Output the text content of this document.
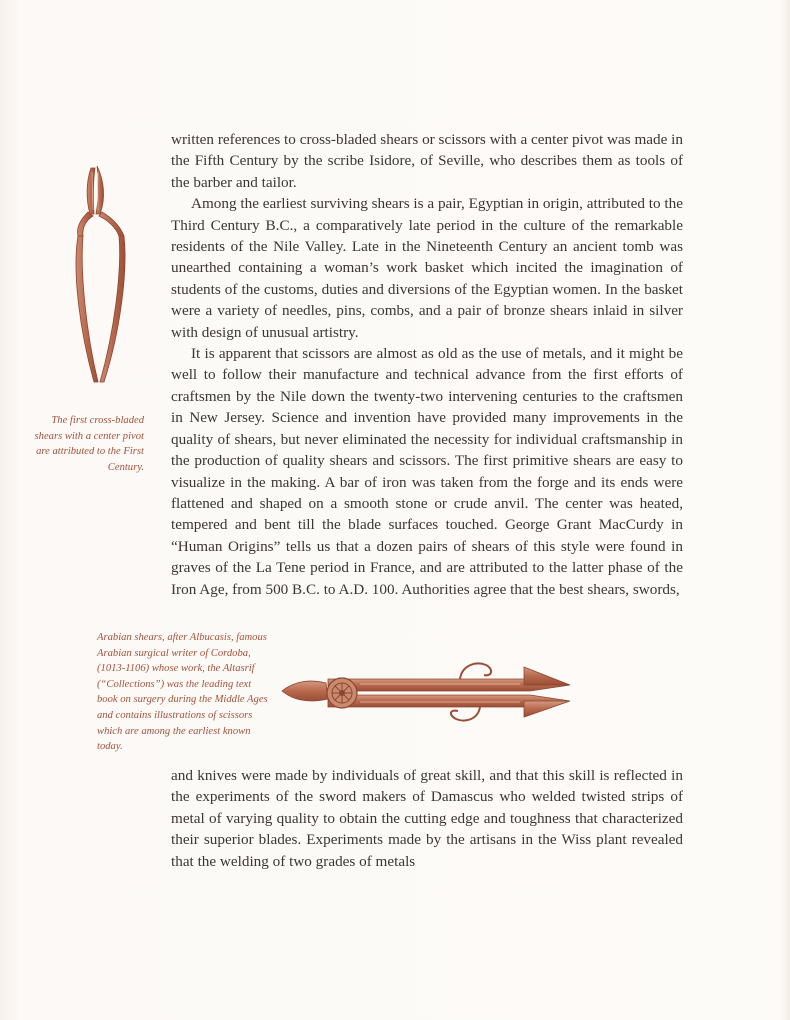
written references to cross-bladed shears or scissors with a center pivot was made in the Fifth Century by the scribe Isidore, of Seville, who describes them as tools of the barber and tailor.

Among the earliest surviving shears is a pair, Egyptian in origin, attributed to the Third Century B.C., a comparatively late period in the culture of the remarkable residents of the Nile Valley. Late in the Nineteenth Century an ancient tomb was unearthed containing a woman’s work basket which incited the imagination of students of the customs, duties and diversions of the Egyptian women. In the basket were a variety of needles, pins, combs, and a pair of bronze shears inlaid in silver with design of unusual artistry.

It is apparent that scissors are almost as old as the use of metals, and it might be well to follow their manufacture and technical advance from the first efforts of craftsmen by the Nile down the twenty-two intervening centuries to the craftsmen in New Jersey. Science and invention have provided many improvements in the quality of shears, but never eliminated the necessity for individual craftsmanship in the production of quality shears and scissors. The first primitive shears are easy to visualize in the making. A bar of iron was taken from the forge and its ends were flattened and shaped on a smooth stone or crude anvil. The center was heated, tempered and bent till the blade surfaces touched. George Grant MacCurdy in “Human Origins” tells us that a dozen pairs of shears of this style were found in graves of the La Tene period in France, and are attributed to the latter phase of the Iron Age, from 500 B.C. to A.D. 100. Authorities agree that the best shears, swords,

The first cross-bladed shears with a center pivot are attributed to the First Century.

Arabian shears, after Albucasis, famous Arabian surgical writer of Cordoba, (1013-1106) whose work, the Altasrif (“Collections”) was the leading text book on surgery during the Middle Ages and contains illustrations of scissors which are among the earliest known today.

and knives were made by individuals of great skill, and that this skill is reflected in the experiments of the sword makers of Damascus who welded twisted strips of metal of varying quality to obtain the cutting edge and toughness that characterized their superior blades. Experiments made by the artisans in the Wiss plant revealed that the welding of two grades of metals
